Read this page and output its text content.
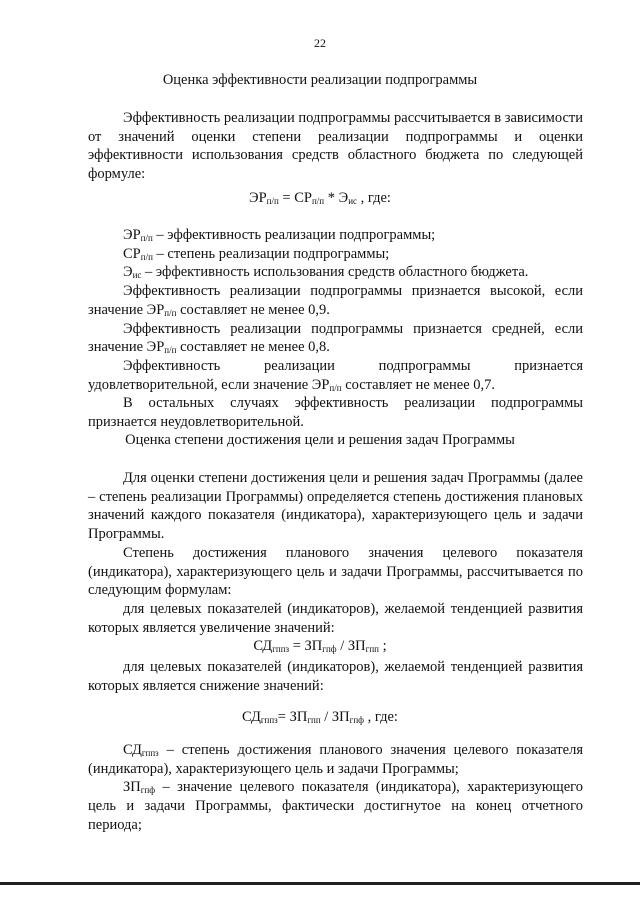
22
Оценка эффективности реализации подпрограммы

Эффективность реализации подпрограммы рассчитывается в зависимости от значений оценки степени реализации подпрограммы и оценки эффективности использования средств областного бюджета по следующей формуле:

$ЭР_{п/п} = СР_{п/п} * Э_{ис}$ , где:

$ЭР_{п/п}$ – эффективность реализации подпрограммы;

$СР_{п/п}$ – степень реализации подпрограммы;

$Э_{ис}$ – эффективность использования средств областного бюджета.

Эффективность реализации подпрограммы признается высокой, если значение $ЭР_{п/п}$ составляет не менее 0,9.

Эффективность реализации подпрограммы признается средней, если значение $ЭР_{п/п}$ составляет не менее 0,8.

Эффективность реализации подпрограммы признается удовлетворительной, если значение $ЭР_{п/п}$ составляет не менее 0,7.

В остальных случаях эффективность реализации подпрограммы признается неудовлетворительной.

Оценка степени достижения цели и решения задач Программы

Для оценки степени достижения цели и решения задач Программы (далее – степень реализации Программы) определяется степень достижения плановых значений каждого показателя (индикатора), характеризующего цель и задачи Программы.

Степень достижения планового значения целевого показателя (индикатора), характеризующего цель и задачи Программы, рассчитывается по следующим формулам:

для целевых показателей (индикаторов), желаемой тенденцией развития которых является увеличение значений:

$СД_{гппз} = ЗП_{гпф} / ЗП_{гпп}$ ;

для целевых показателей (индикаторов), желаемой тенденцией развития которых является снижение значений:

$СД_{гппз}= ЗП_{гпп} / ЗП_{гпф}$ , где:

$СД_{гппз}$ – степень достижения планового значения целевого показателя (индикатора), характеризующего цель и задачи Программы;

$ЗП_{гпф}$ – значение целевого показателя (индикатора), характеризующего цель и задачи Программы, фактически достигнутое на конец отчетного периода;
